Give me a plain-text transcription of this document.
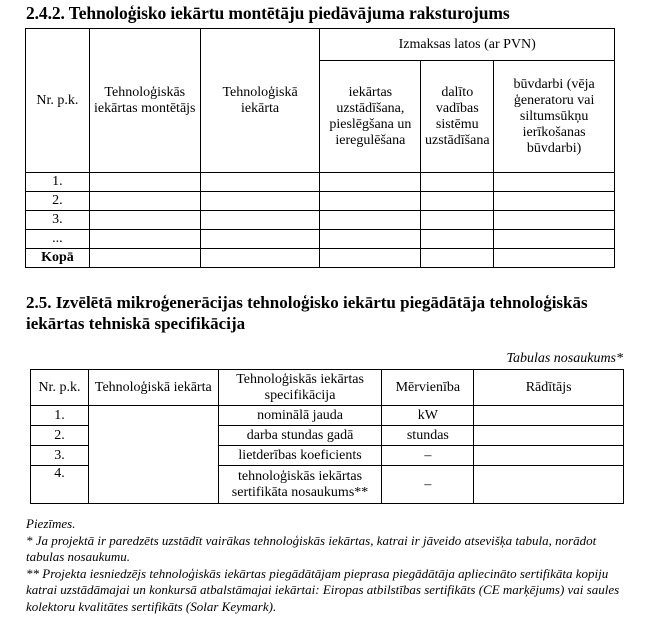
2.4.2. Tehnoloģisko iekārtu montētāju piedāvājuma raksturojums
Nr. p.k.	Tehnoloģiskās iekārtas montētājs	Tehnoloģiskā iekārta	Izmaksas latos (ar PVN)		
			iekārtas uzstādīšana, pieslēgšana un ieregulēšana	dalīto vadības sistēmu uzstādīšana	būvdarbi (vēja ģeneratoru vai siltumsūkņu ierīkošanas būvdarbi)
1.					
2.					
3.					
...					
Kopā					
2.5. Izvēlētā mikroģenerācijas tehnoloģisko iekārtu piegādātāja tehnoloģiskās iekārtas tehniskā specifikācija
Tabulas nosaukums*
Nr. p.k.	Tehnoloģiskā iekārta	Tehnoloģiskās iekārtas specifikācija	Mērvienība	Rādītājs
1.		nominālā jauda	kW	
2.		darba stundas gadā	stundas	
3.		lietderības koeficients	–	
4.		tehnoloģiskās iekārtas sertifikāta nosaukums**	–	
Piezīmes.
* Ja projektā ir paredzēts uzstādīt vairākas tehnoloģiskās iekārtas, katrai ir jāveido atsevišķa tabula, norādot tabulas nosaukumu.
** Projekta iesniedzējs tehnoloģiskās iekārtas piegādātājam pieprasa piegādātāja apliecināto sertifikāta kopiju katrai uzstādāmajai un konkursā atbalstāmajai iekārtai: Eiropas atbilstības sertifikāts (CE marķējums) vai saules kolektoru kvalitātes sertifikāts (Solar Keymark).
